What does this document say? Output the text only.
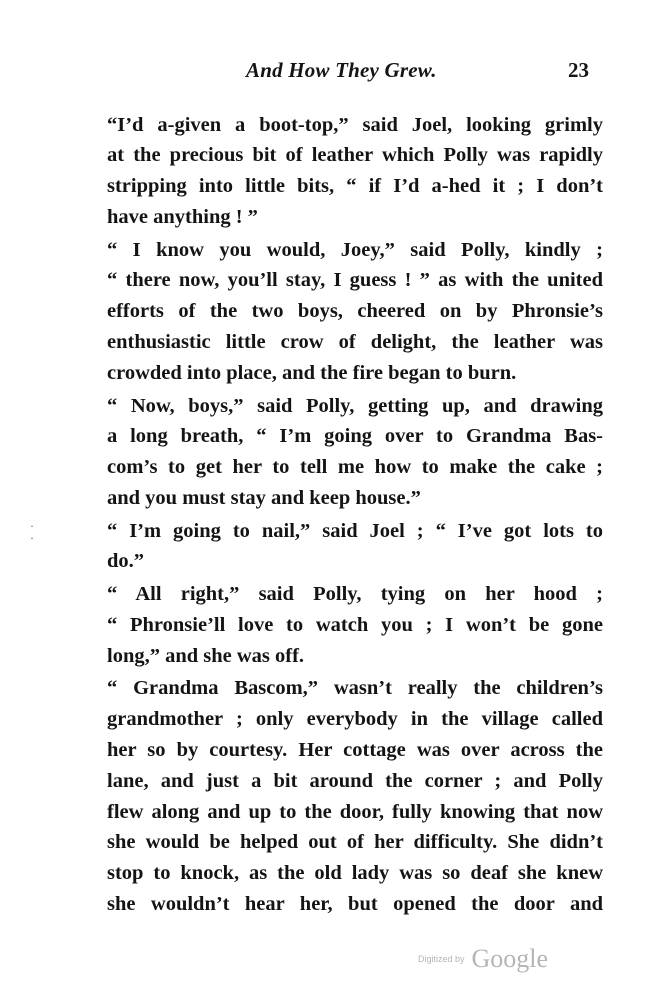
And How They Grew.	23
·
·
“I’d a-given a boot-top,” said Joel, looking grimly
at the precious bit of leather which Polly was rapidly
stripping into little bits, “ if I’d a-hed it ; I don’t
have anything ! ”
“ I know you would, Joey,” said Polly, kindly ;
“ there now, you’ll stay, I guess ! ” as with the united
efforts of the two boys, cheered on by Phronsie’s
enthusiastic little crow of delight, the leather was
crowded into place, and the fire began to burn.
“ Now, boys,” said Polly, getting up, and drawing
a long breath, “ I’m going over to Grandma Bas-
com’s to get her to tell me how to make the cake ;
and you must stay and keep house.”
“ I’m going to nail,” said Joel ; “ I’ve got lots to
do.”
“ All right,” said Polly, tying on her hood ;
“ Phronsie’ll love to watch you ; I won’t be gone
long,” and she was off.
“ Grandma Bascom,” wasn’t really the children’s
grandmother ; only everybody in the village called
her so by courtesy. Her cottage was over across the
lane, and just a bit around the corner ; and Polly
flew along and up to the door, fully knowing that now
she would be helped out of her difficulty. She didn’t
stop to knock, as the old lady was so deaf she knew
she wouldn’t hear her, but opened the door and
Digitized by Google
